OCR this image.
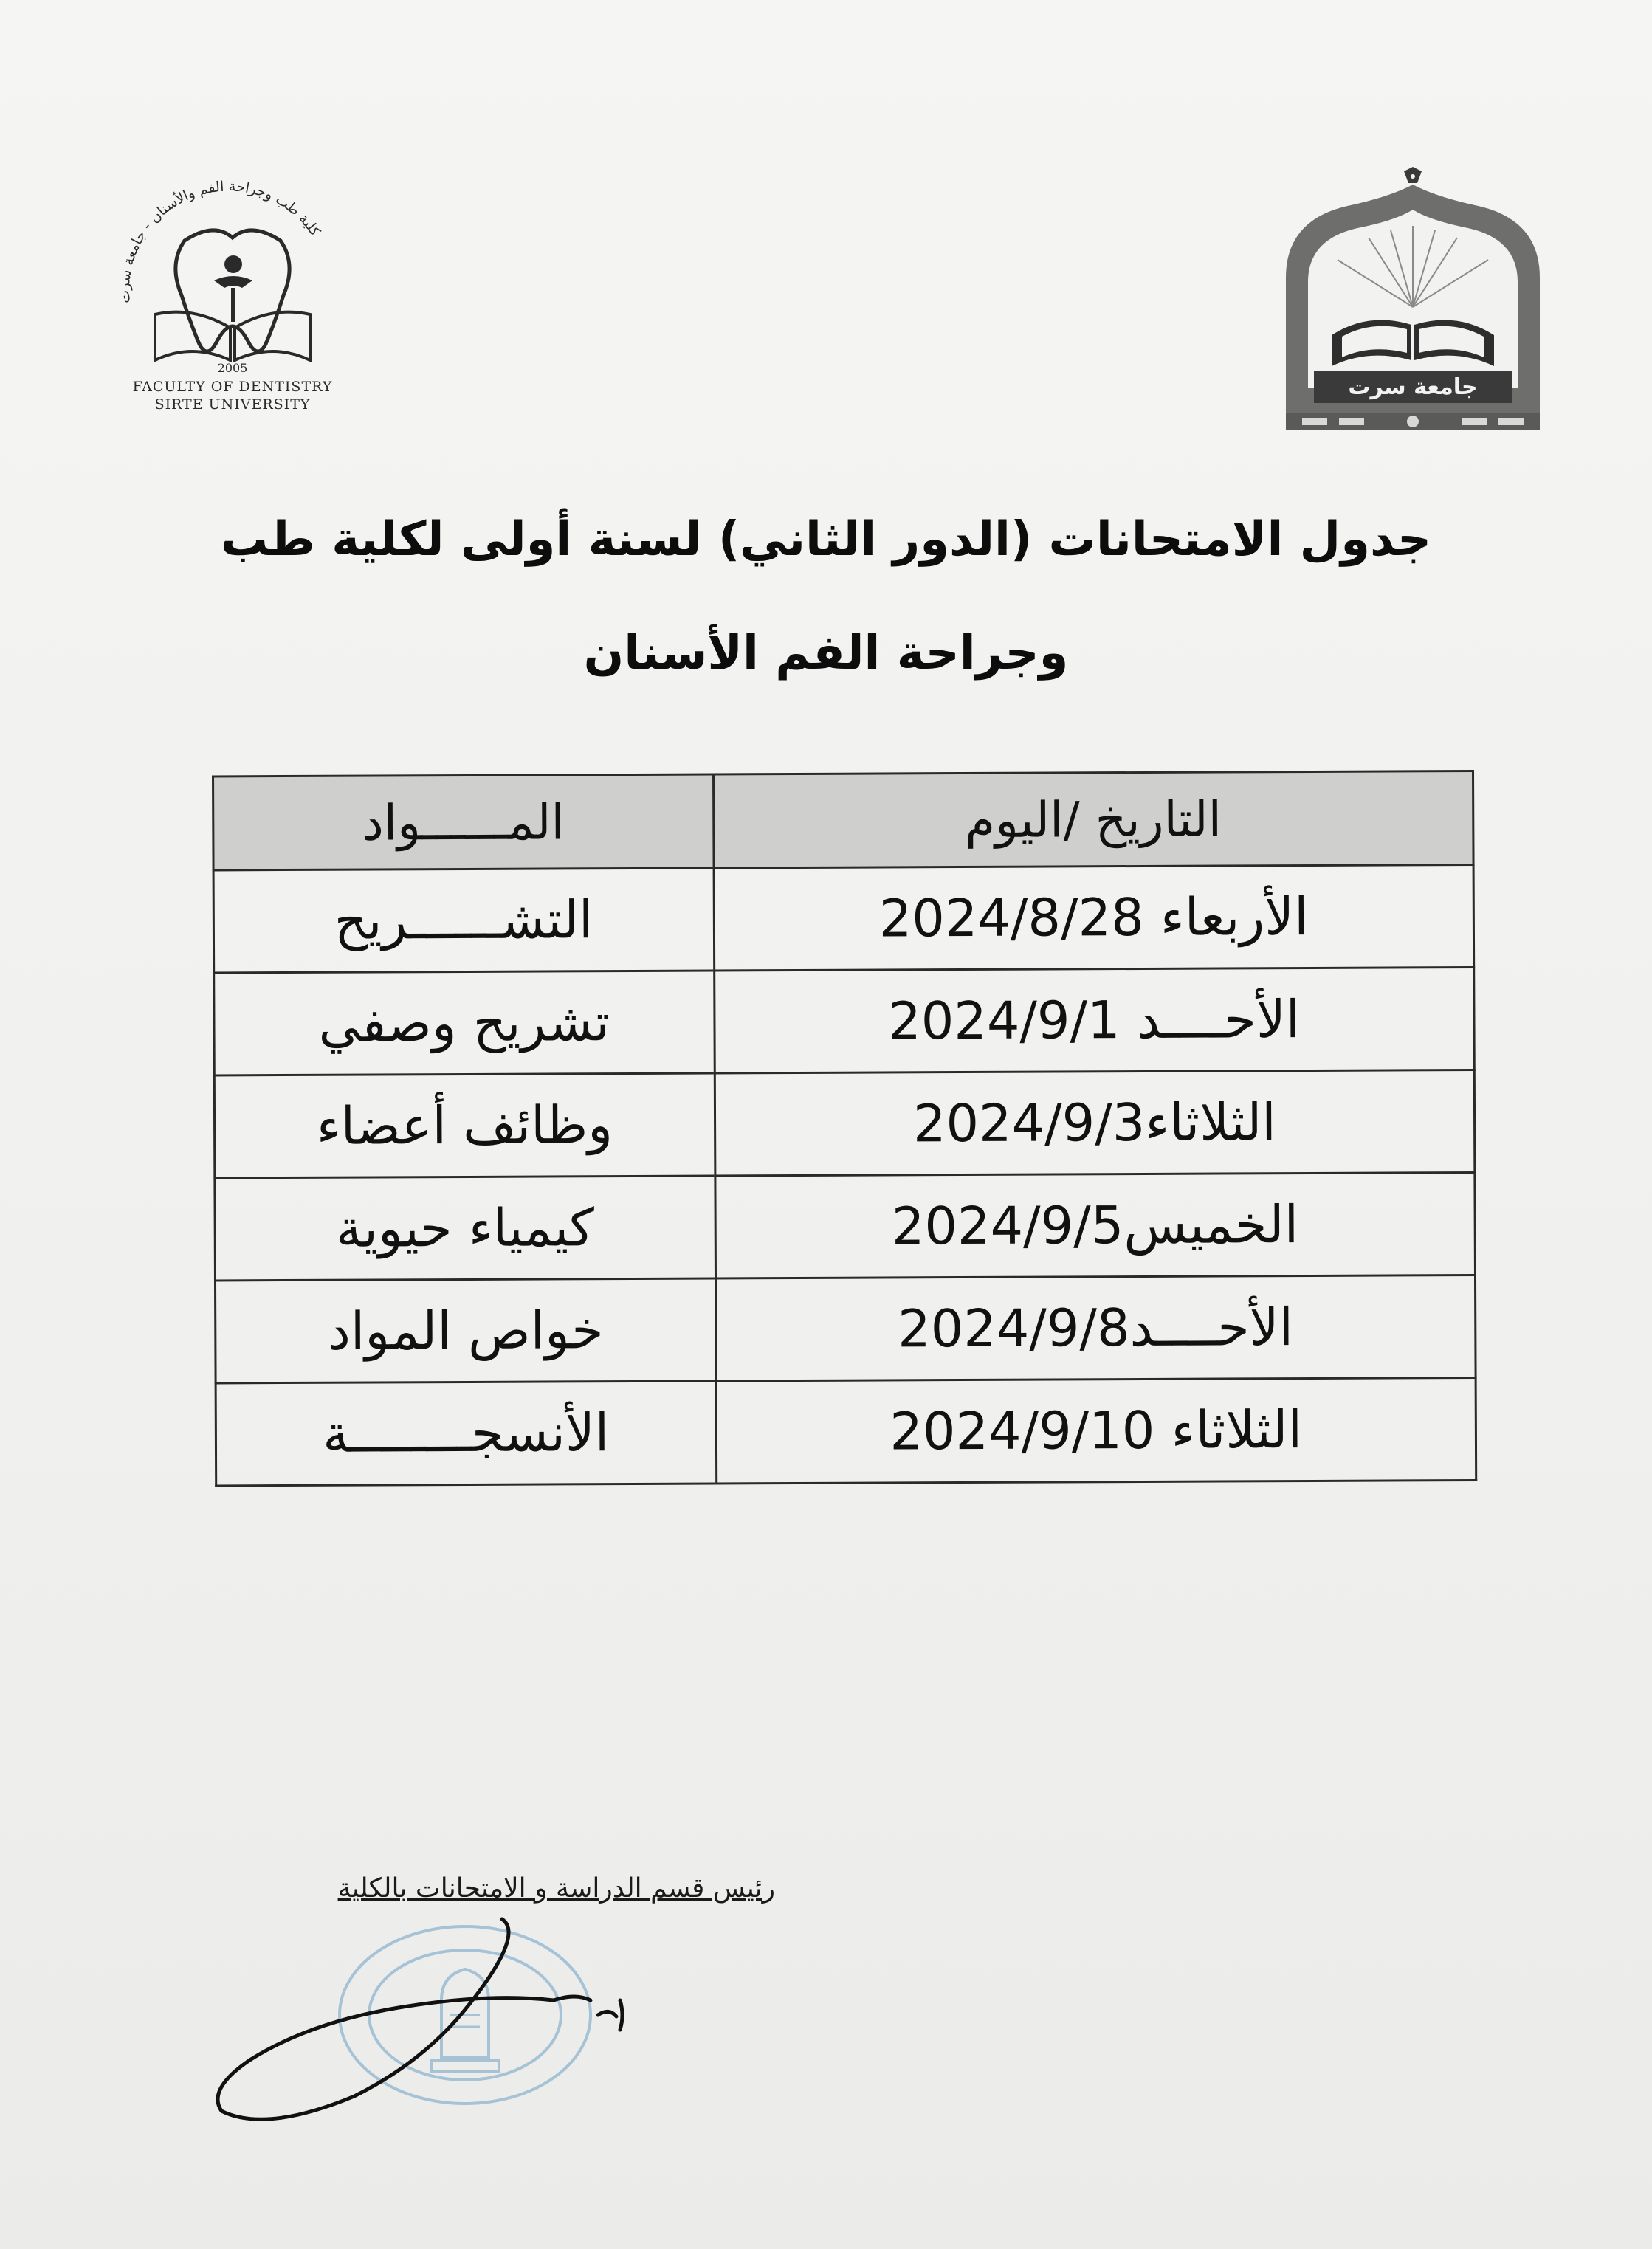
جامعة سرت
كلية طب وجراحة الفم والأسنان - جامعة سرت
2005
FACULTY OF DENTISTRY
SIRTE UNIVERSITY
جدول الامتحانات (الدور الثاني) لسنة أولى لكلية طب
وجراحة الفم الأسنان
التاريخ /اليوم	المــــــواد
الأربعاء 2024/8/28	التشــــــريح
الأحــــد 2024/9/1	تشريح وصفي
الثلاثاء2024/9/3	وظائف أعضاء
الخميس2024/9/5	كيمياء حيوية
الأحــــد2024/9/8	خواص المواد
الثلاثاء 2024/9/10	الأنسجــــــــة
رئيس قسم الدراسة و الامتحانات بالكلية
